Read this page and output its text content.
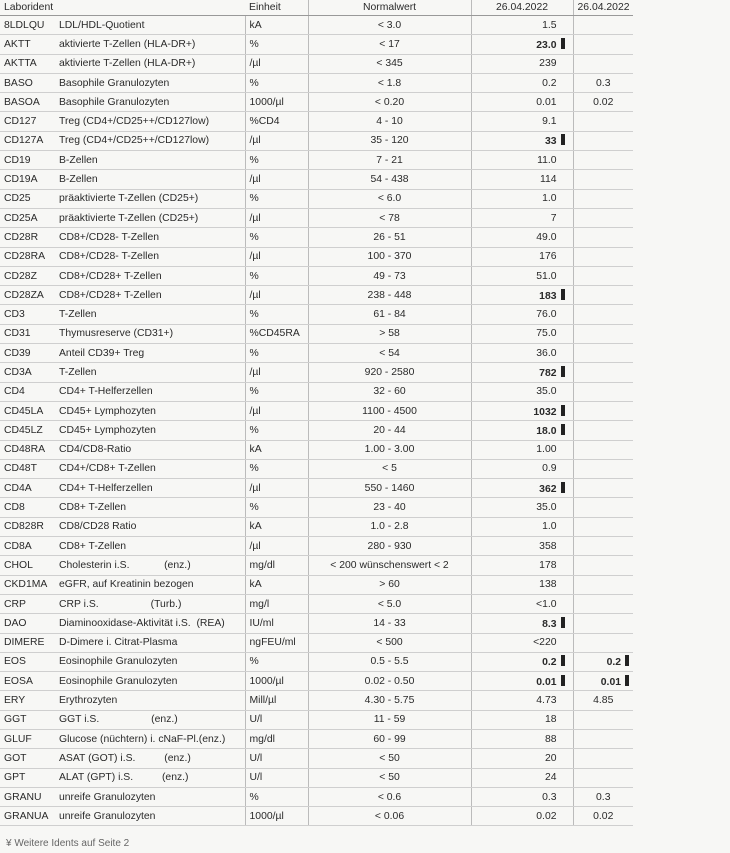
Laborident		Einheit	Normalwert	26.04.2022	26.04.2022
8LDLQU	LDL/HDL-Quotient	kA	< 3.0	1.5	
AKTT	aktivierte T-Zellen (HLA-DR+)	%	< 17	23.0	
AKTTA	aktivierte T-Zellen (HLA-DR+)	/µl	< 345	239	
BASO	Basophile Granulozyten	%	< 1.8	0.2	0.3
BASOA	Basophile Granulozyten	1000/µl	< 0.20	0.01	0.02
CD127	Treg (CD4+/CD25++/CD127low)	%CD4	4 - 10	9.1	
CD127A	Treg (CD4+/CD25++/CD127low)	/µl	35 - 120	33	
CD19	B-Zellen	%	7 - 21	11.0	
CD19A	B-Zellen	/µl	54 - 438	114	
CD25	präaktivierte T-Zellen (CD25+)	%	< 6.0	1.0	
CD25A	präaktivierte T-Zellen (CD25+)	/µl	< 78	7	
CD28R	CD8+/CD28- T-Zellen	%	26 - 51	49.0	
CD28RA	CD8+/CD28- T-Zellen	/µl	100 - 370	176	
CD28Z	CD8+/CD28+ T-Zellen	%	49 - 73	51.0	
CD28ZA	CD8+/CD28+ T-Zellen	/µl	238 - 448	183	
CD3	T-Zellen	%	61 - 84	76.0	
CD31	Thymusreserve (CD31+)	%CD45RA	> 58	75.0	
CD39	Anteil CD39+ Treg	%	< 54	36.0	
CD3A	T-Zellen	/µl	920 - 2580	782	
CD4	CD4+ T-Helferzellen	%	32 - 60	35.0	
CD45LA	CD45+ Lymphozyten	/µl	1100 - 4500	1032	
CD45LZ	CD45+ Lymphozyten	%	20 - 44	18.0	
CD48RA	CD4/CD8-Ratio	kA	1.00 - 3.00	1.00	
CD48T	CD4+/CD8+ T-Zellen	%	< 5	0.9	
CD4A	CD4+ T-Helferzellen	/µl	550 - 1460	362	
CD8	CD8+ T-Zellen	%	23 - 40	35.0	
CD828R	CD8/CD28 Ratio	kA	1.0 - 2.8	1.0	
CD8A	CD8+ T-Zellen	/µl	280 - 930	358	
CHOL	Cholesterin i.S.            (enz.)	mg/dl	< 200 wünschenswert < 2	178	
CKD1MA	eGFR, auf Kreatinin bezogen	kA	> 60	138	
CRP	CRP i.S.                  (Turb.)	mg/l	< 5.0	<1.0	
DAO	Diaminooxidase-Aktivität i.S.  (REA)	IU/ml	14 - 33	8.3	
DIMERE	D-Dimere i. Citrat-Plasma	ngFEU/ml	< 500	<220	
EOS	Eosinophile Granulozyten	%	0.5 - 5.5	0.2	0.2
EOSA	Eosinophile Granulozyten	1000/µl	0.02 - 0.50	0.01	0.01
ERY	Erythrozyten	Mill/µl	4.30 - 5.75	4.73	4.85
GGT	GGT i.S.                  (enz.)	U/l	11 - 59	18	
GLUF	Glucose (nüchtern) i. cNaF-Pl.(enz.)	mg/dl	60 - 99	88	
GOT	ASAT (GOT) i.S.          (enz.)	U/l	< 50	20	
GPT	ALAT (GPT) i.S.          (enz.)	U/l	< 50	24	
GRANU	unreife Granulozyten	%	< 0.6	0.3	0.3
GRANUA	unreife Granulozyten	1000/µl	< 0.06	0.02	0.02
¥ Weitere Idents auf Seite 2
